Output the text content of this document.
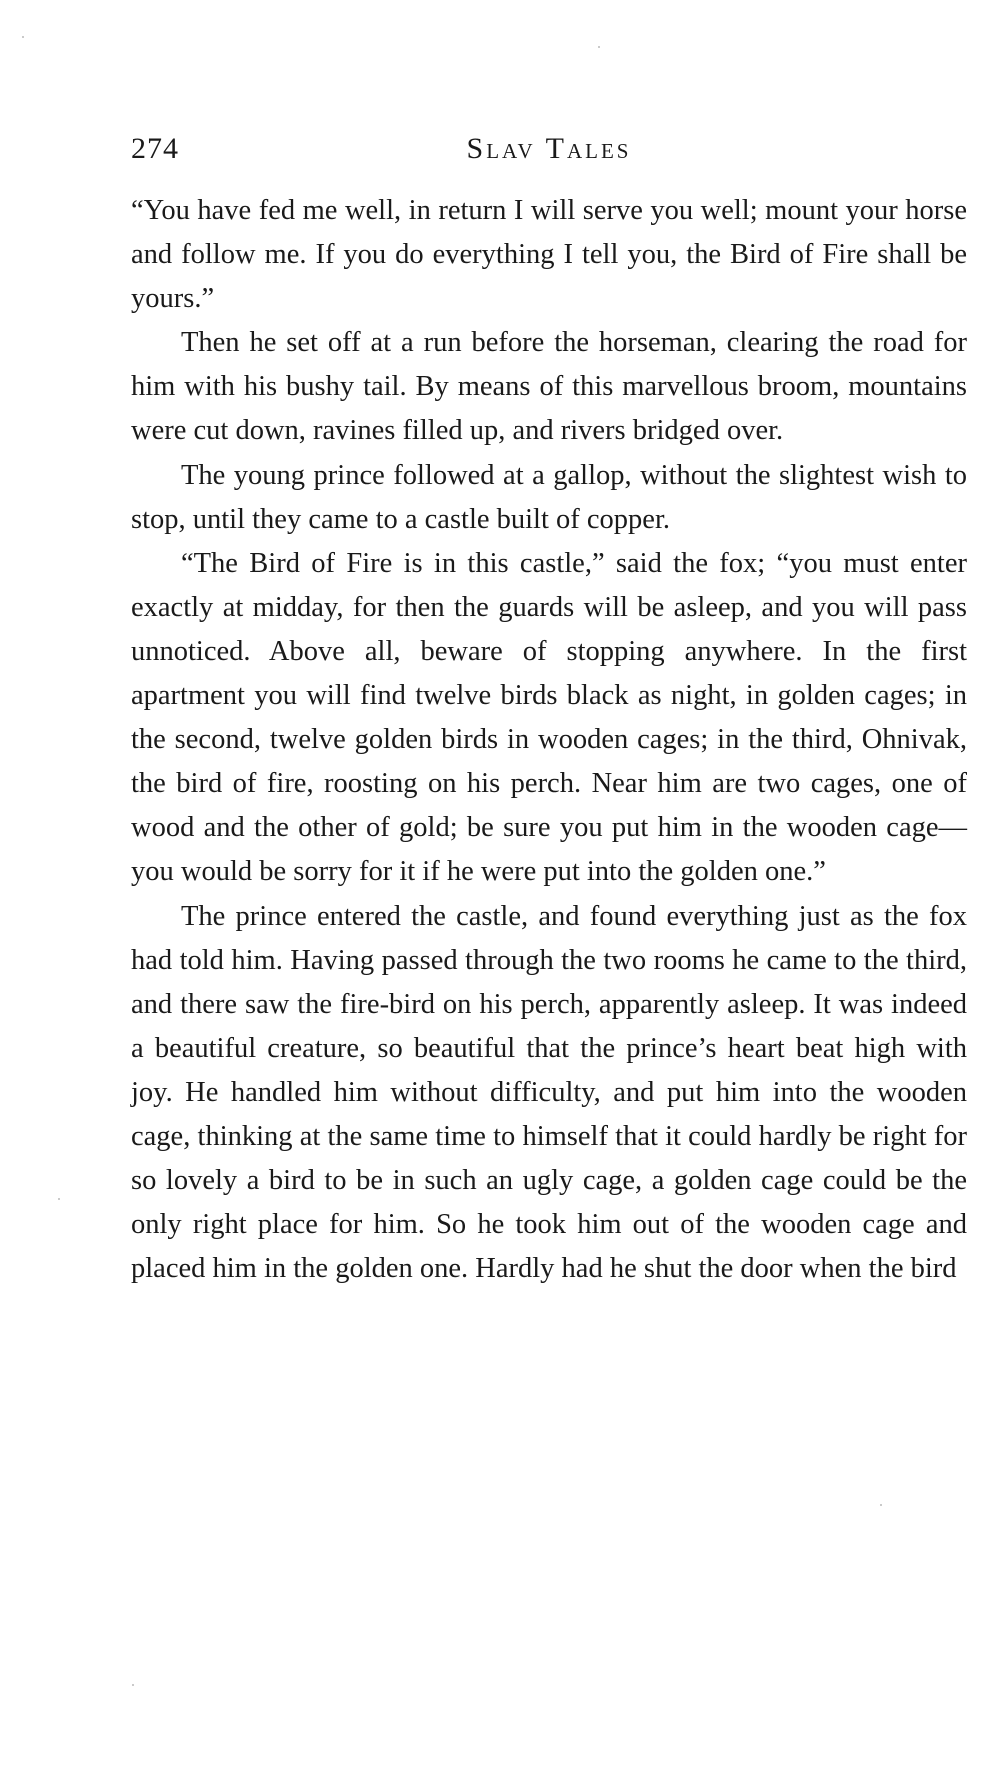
274	Slav Tales

“You have fed me well, in return I will serve you well; mount your horse and follow me. If you do everything I tell you, the Bird of Fire shall be yours.”

Then he set off at a run before the horseman, clearing the road for him with his bushy tail. By means of this marvellous broom, mountains were cut down, ravines filled up, and rivers bridged over.

The young prince followed at a gallop, without the slightest wish to stop, until they came to a castle built of copper.

“The Bird of Fire is in this castle,” said the fox; “you must enter exactly at midday, for then the guards will be asleep, and you will pass unnoticed. Above all, beware of stopping anywhere. In the first apartment you will find twelve birds black as night, in golden cages; in the second, twelve golden birds in wooden cages; in the third, Ohnivak, the bird of fire, roosting on his perch. Near him are two cages, one of wood and the other of gold; be sure you put him in the wooden cage—you would be sorry for it if he were put into the golden one.”

The prince entered the castle, and found everything just as the fox had told him. Having passed through the two rooms he came to the third, and there saw the fire-bird on his perch, apparently asleep. It was indeed a beautiful creature, so beautiful that the prince’s heart beat high with joy. He handled him without difficulty, and put him into the wooden cage, thinking at the same time to himself that it could hardly be right for so lovely a bird to be in such an ugly cage, a golden cage could be the only right place for him. So he took him out of the wooden cage and placed him in the golden one. Hardly had he shut the door when the bird
